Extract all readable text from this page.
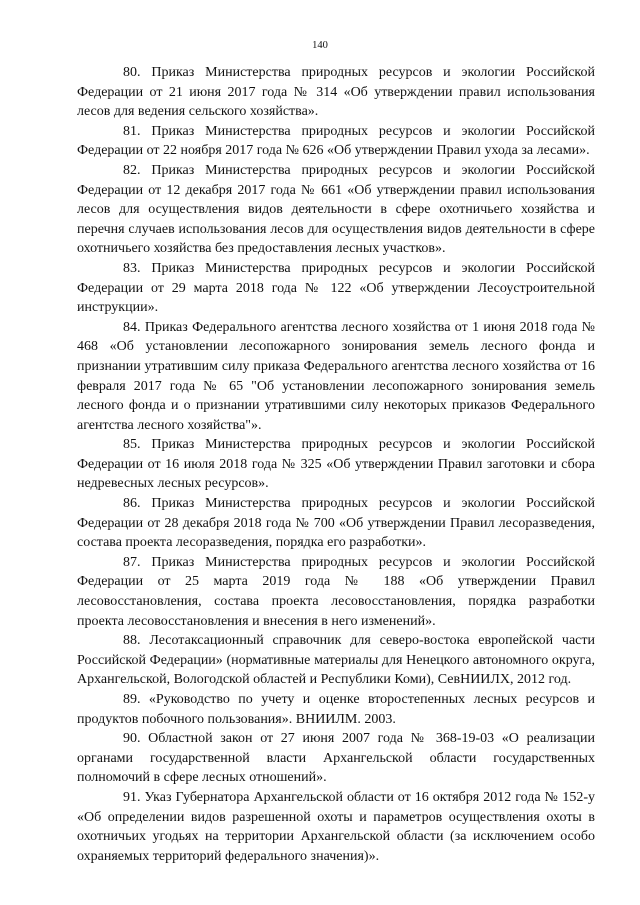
140

80. Приказ Министерства природных ресурсов и экологии Российской Федерации от 21 июня 2017 года № 314 «Об утверждении правил использования лесов для ведения сельского хозяйства».

81. Приказ Министерства природных ресурсов и экологии Российской Федерации от 22 ноября 2017 года № 626 «Об утверждении Правил ухода за лесами».

82. Приказ Министерства природных ресурсов и экологии Российской Федерации от 12 декабря 2017 года № 661 «Об утверждении правил использования лесов для осуществления видов деятельности в сфере охотничьего хозяйства и перечня случаев использования лесов для осуществления видов деятельности в сфере охотничьего хозяйства без предоставления лесных участков».

83. Приказ Министерства природных ресурсов и экологии Российской Федерации от 29 марта 2018 года № 122 «Об утверждении Лесоустроительной инструкции».

84. Приказ Федерального агентства лесного хозяйства от 1 июня 2018 года № 468 «Об установлении лесопожарного зонирования земель лесного фонда и признании утратившим силу приказа Федерального агентства лесного хозяйства от 16 февраля 2017 года № 65 "Об установлении лесопожарного зонирования земель лесного фонда и о признании утратившими силу некоторых приказов Федерального агентства лесного хозяйства"».

85. Приказ Министерства природных ресурсов и экологии Российской Федерации от 16 июля 2018 года № 325 «Об утверждении Правил заготовки и сбора недревесных лесных ресурсов».

86. Приказ Министерства природных ресурсов и экологии Российской Федерации от 28 декабря 2018 года № 700 «Об утверждении Правил лесоразведения, состава проекта лесоразведения, порядка его разработки».

87. Приказ Министерства природных ресурсов и экологии Российской Федерации от 25 марта 2019 года № 188 «Об утверждении Правил лесовосстановления, состава проекта лесовосстановления, порядка разработки проекта лесовосстановления и внесения в него изменений».

88. Лесотаксационный справочник для северо-востока европейской части Российской Федерации» (нормативные материалы для Ненецкого автономного округа, Архангельской, Вологодской областей и Республики Коми), СевНИИЛХ, 2012 год.

89. «Руководство по учету и оценке второстепенных лесных ресурсов и продуктов побочного пользования». ВНИИЛМ. 2003.

90. Областной закон от 27 июня 2007 года № 368-19-03 «О реализации органами государственной власти Архангельской области государственных полномочий в сфере лесных отношений».

91. Указ Губернатора Архангельской области от 16 октября 2012 года № 152-у «Об определении видов разрешенной охоты и параметров осуществления охоты в охотничьих угодьях на территории Архангельской области (за исключением особо охраняемых территорий федерального значения)».
